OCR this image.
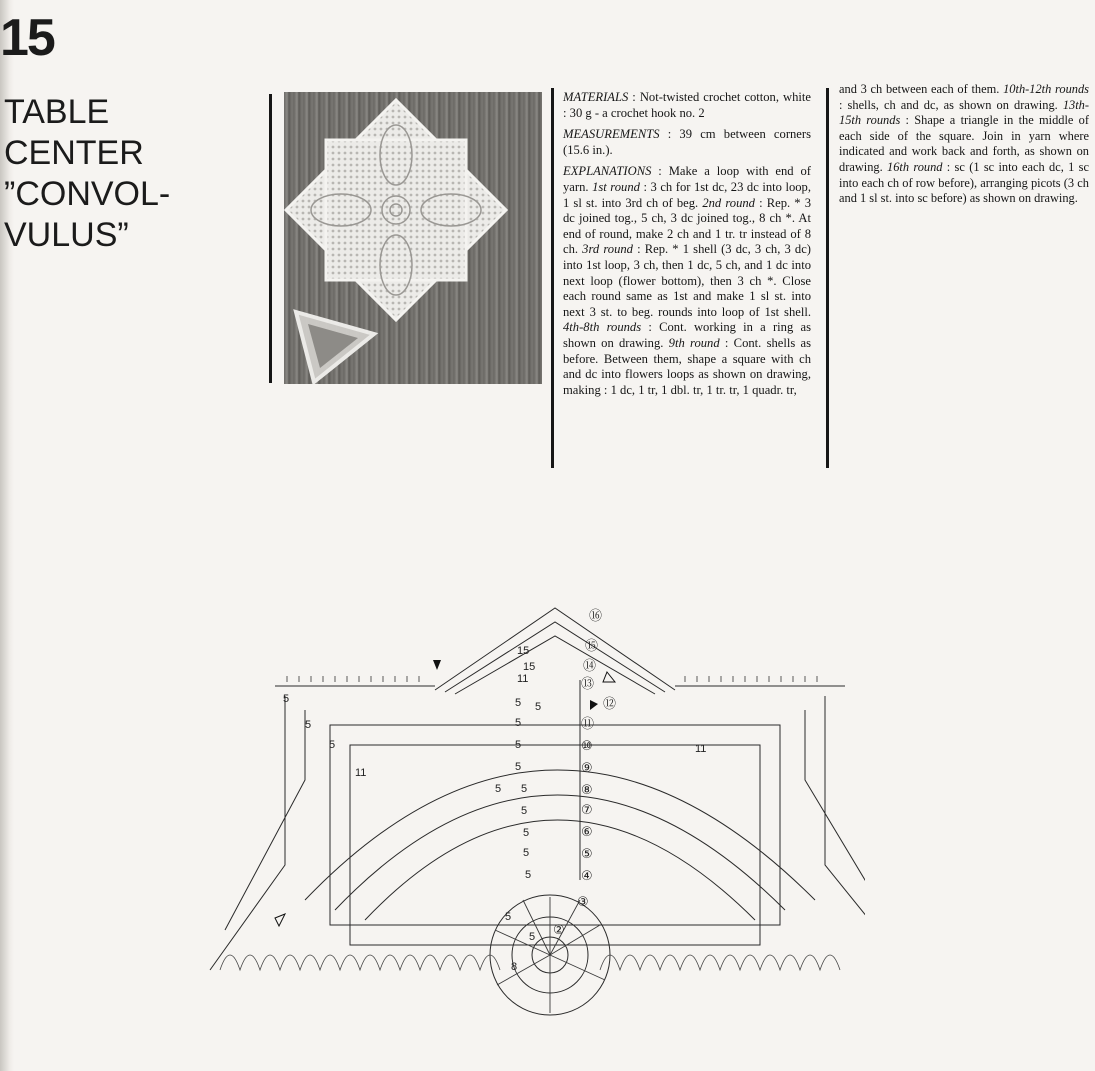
15
TABLE
CENTER
”CONVOL-
VULUS”

MATERIALS : Not-twisted crochet cotton, white : 30 g - a crochet hook no. 2

MEASUREMENTS : 39 cm between corners (15.6 in.).

EXPLANATIONS : Make a loop with end of yarn. 1st round : 3 ch for 1st dc, 23 dc into loop, 1 sl st. into 3rd ch of beg. 2nd round : Rep. * 3 dc joined tog., 5 ch, 3 dc joined tog., 8 ch *. At end of round, make 2 ch and 1 tr. tr instead of 8 ch. 3rd round : Rep. * 1 shell (3 dc, 3 ch, 3 dc) into 1st loop, 3 ch, then 1 dc, 5 ch, and 1 dc into next loop (flower bottom), then 3 ch *. Close each round same as 1st and make 1 sl st. into next 3 st. to beg. rounds into loop of 1st shell. 4th-8th rounds : Cont. working in a ring as shown on drawing. 9th round : Cont. shells as before. Between them, shape a square with ch and dc into flowers loops as shown on drawing, making : 1 dc, 1 tr, 1 dbl. tr, 1 tr. tr, 1 quadr. tr,

and 3 ch between each of them. 10th-12th rounds : shells, ch and dc, as shown on drawing. 13th-15th rounds : Shape a triangle in the middle of each side of the square. Join in yarn where indicated and work back and forth, as shown on drawing. 16th round : sc (1 sc into each dc, 1 sc into each ch of row before), arranging picots (3 ch and 1 sl st. into sc before) as shown on drawing.

⑯
⑮
⑭
⑬
⑫
⑪
⑩
⑨
⑧
⑦
⑥
⑤
④
③
②
5
5
5
5
5
5
5
5
5
5
5
5
11
15
15
11
5
5
5
11
8
5
